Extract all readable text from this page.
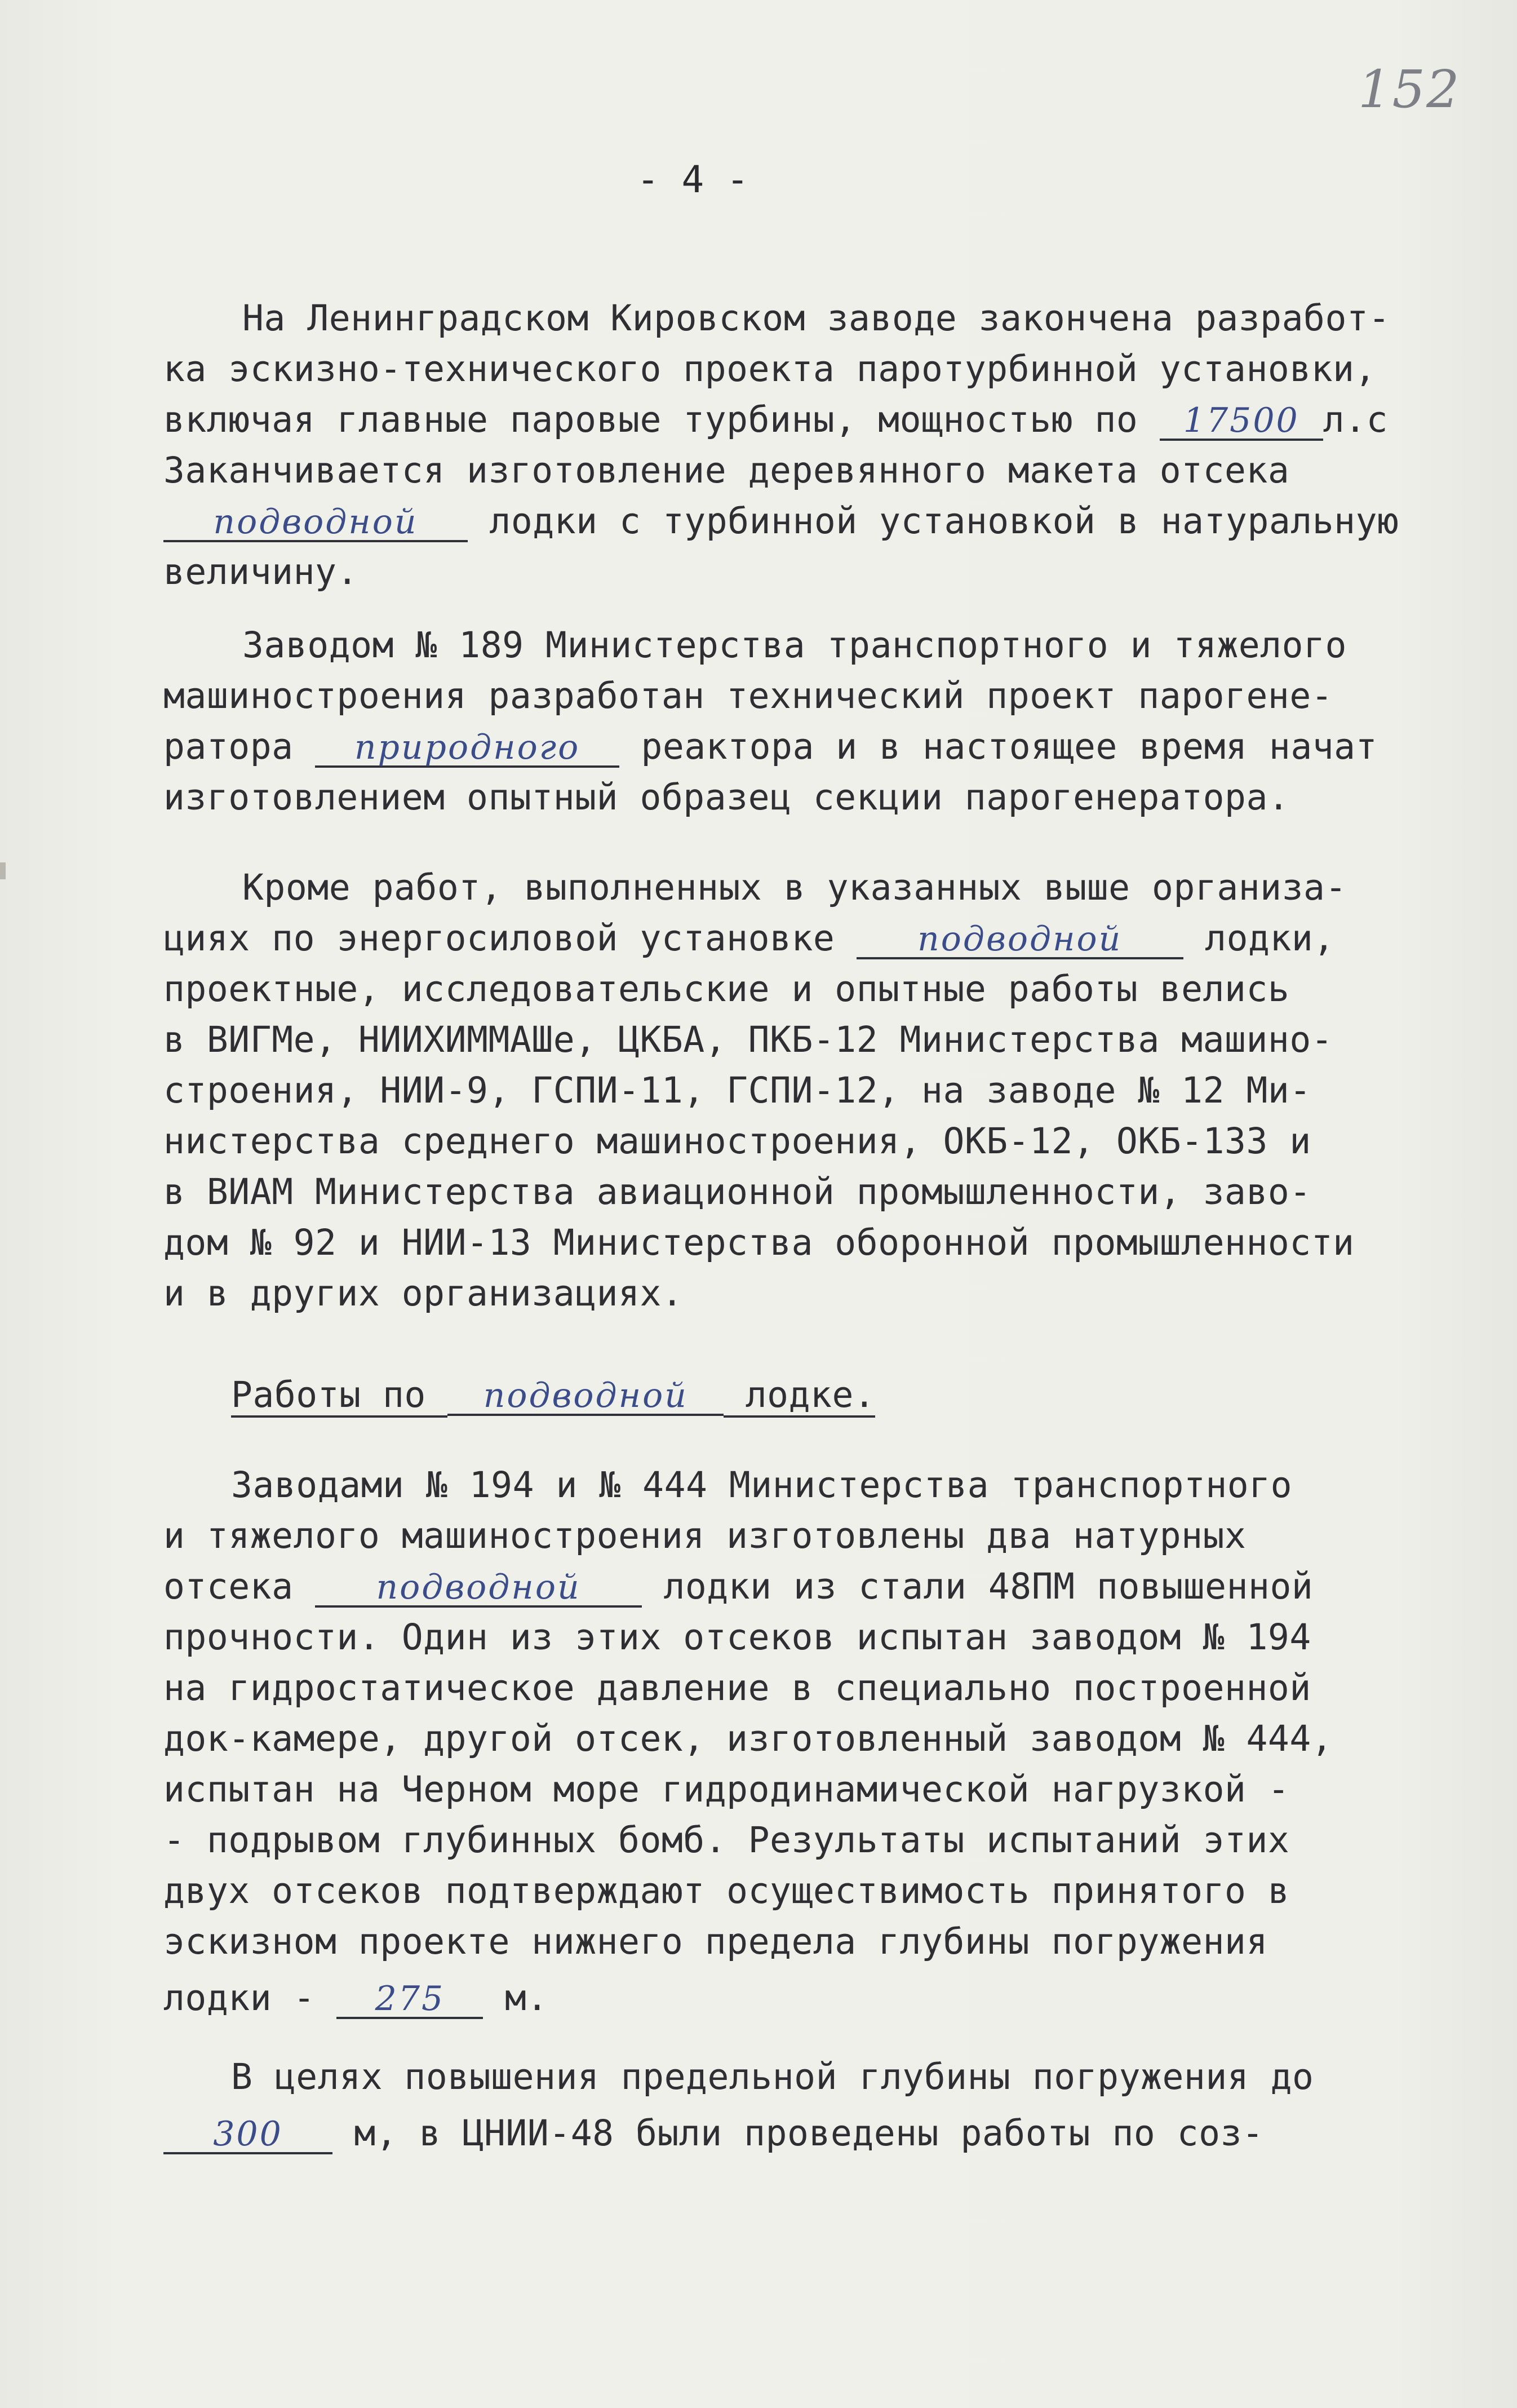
152
- 4 -
На Ленинградском Кировском заводе закончена разработ-
ка эскизно-технического проекта паротурбинной установки,
включая главные паровые турбины, мощностью по 17500 л.с
Заканчивается изготовление деревянного макета отсека
подводной лодки с турбинной установкой в натуральную
величину.
Заводом № 189 Министерства транспортного и тяжелого
машиностроения разработан технический проект парогене-
ратора природного реактора и в настоящее время начат
изготовлением опытный образец секции парогенератора.
Кроме работ, выполненных в указанных выше организа-
циях по энергосиловой установке подводной лодки,
проектные, исследовательские и опытные работы велись
в ВИГМе, НИИХИММАШе, ЦКБА, ПКБ-12 Министерства машино-
строения, НИИ-9, ГСПИ-11, ГСПИ-12, на заводе № 12 Ми-
нистерства среднего машиностроения, ОКБ-12, ОКБ-133 и
в ВИАМ Министерства авиационной промышленности, заво-
дом № 92 и НИИ-13 Министерства оборонной промышленности
и в других организациях.
Работы по подводной лодке.
Заводами № 194 и № 444 Министерства транспортного
и тяжелого машиностроения изготовлены два натурных
отсека подводной лодки из стали 48ПМ повышенной
прочности. Один из этих отсеков испытан заводом № 194
на гидростатическое давление в специально построенной
док-камере, другой отсек, изготовленный заводом № 444,
испытан на Черном море гидродинамической нагрузкой -
- подрывом глубинных бомб. Результаты испытаний этих
двух отсеков подтверждают осуществимость принятого в
эскизном проекте нижнего предела глубины погружения
лодки - 275 м.
В целях повышения предельной глубины погружения до
300 м, в ЦНИИ-48 были проведены работы по соз-
